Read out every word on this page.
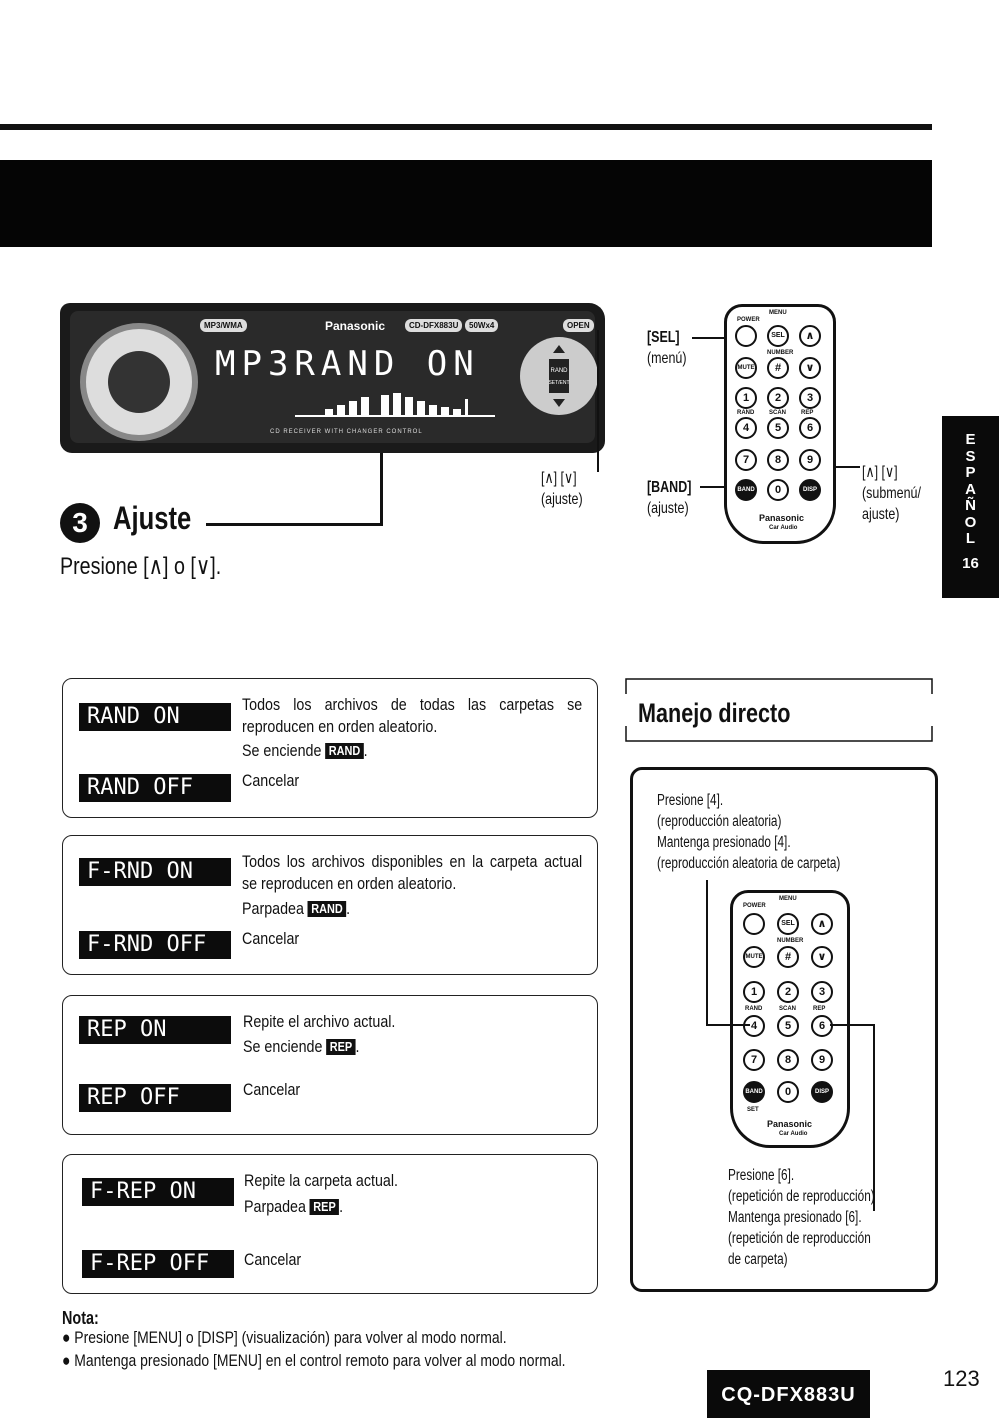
E
S
P
A
Ñ
O
L
16
MP3/WMA	Panasonic	CD-DFX883U	50Wx4	OPEN
MP3RAND ON	RAND
SET/ENT
CD RECEIVER WITH CHANGER CONTROL
[∧] [∨]
(ajuste)
3 Ajuste
Presione [∧] o [∨].
[SEL]
(menú)
[BAND]
(ajuste)
[∧] [∨]
(submenú/
ajuste)
POWER
MENU
SEL	∧
NUMBER
MUTE	#	∨
1	2	3
RAND SCAN REP
4	5	6
7	8	9
BAND	0	DISP
Panasonic
Car Audio
RAND ON	Todos los archivos de todas las carpetas se reproducen en orden aleatorio.
Se enciende RAND .
RAND OFF	Cancelar
F-RND ON	Todos los archivos disponibles en la carpeta actual se reproducen en orden aleatorio.
Parpadea RAND .
F-RND OFF	Cancelar
REP ON	Repite el archivo actual.
Se enciende REP .
REP OFF	Cancelar
F-REP ON	Repite la carpeta actual.
Parpadea REP .
F-REP OFF	Cancelar
Manejo directo
Presione [4].
(reproducción aleatoria)
Mantenga presionado [4].
(reproducción aleatoria de carpeta)
POWER
MENU
SEL	∧
NUMBER
MUTE	#	∨
1	2	3
RAND	SCAN	REP
4	5	6
7	8	9
BAND	0	DISP
SET
Panasonic
Car Audio
Presione [6].
(repetición de reproducción)
Mantenga presionado [6].
(repetición de reproducción
de carpeta)
Nota:
● Presione [MENU] o [DISP] (visualización) para volver al modo normal.
● Mantenga presionado [MENU] en el control remoto para volver al modo normal.
CQ-DFX883U
123
